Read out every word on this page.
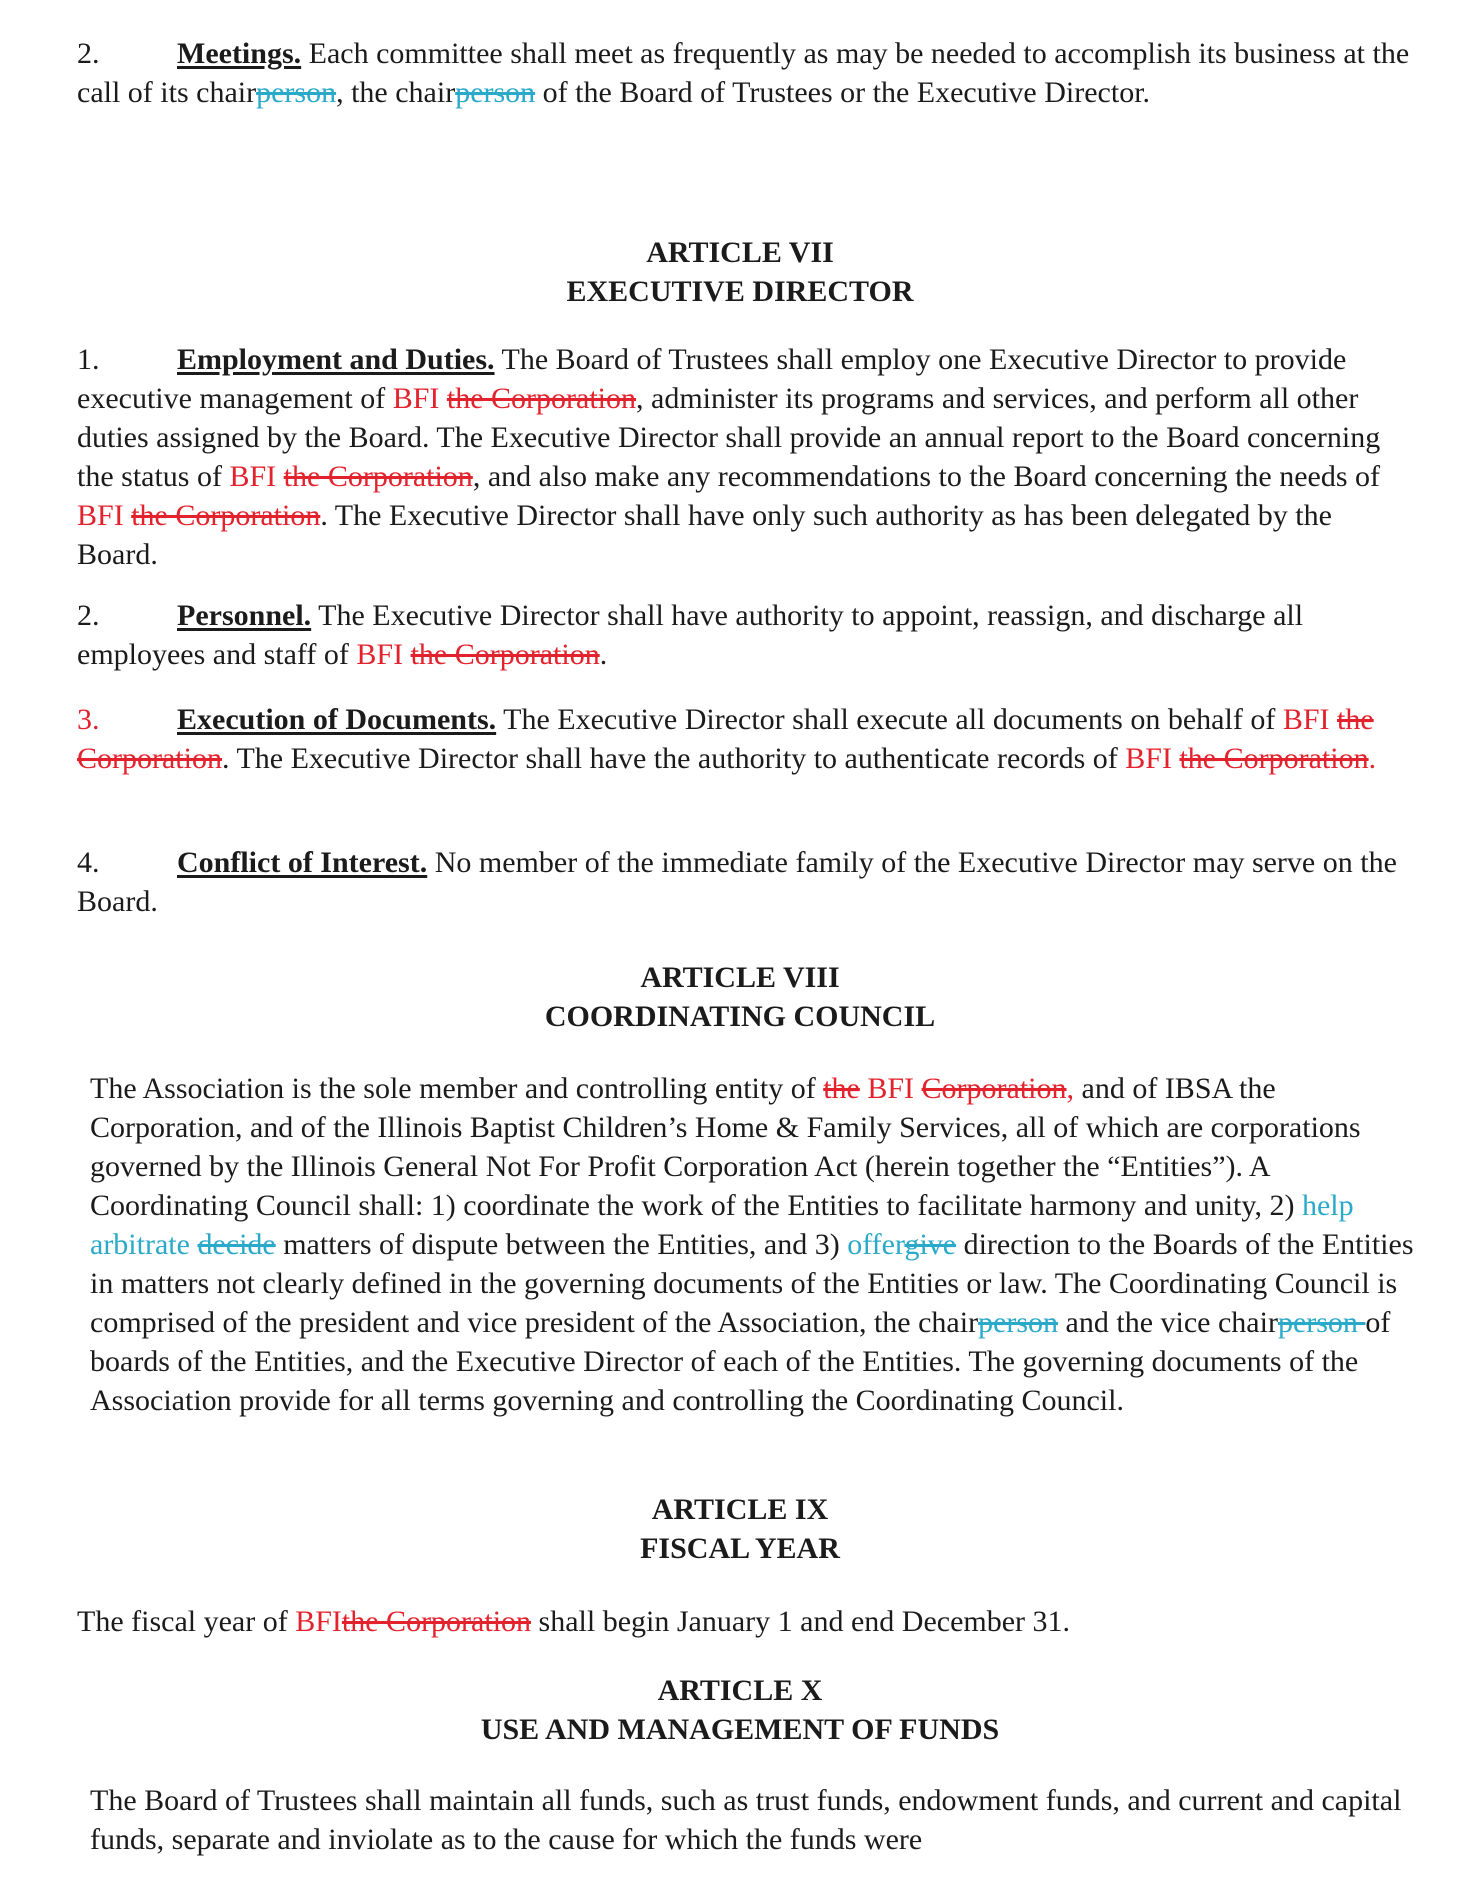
2.	Meetings. Each committee shall meet as frequently as may be needed to accomplish its business at the call of its chairperson, the chairperson of the Board of Trustees or the Executive Director.

ARTICLE VII

EXECUTIVE DIRECTOR

1.	Employment and Duties. The Board of Trustees shall employ one Executive Director to provide executive management of BFI the Corporation, administer its programs and services, and perform all other duties assigned by the Board. The Executive Director shall provide an annual report to the Board concerning the status of BFI the Corporation, and also make any recommendations to the Board concerning the needs of BFI the Corporation. The Executive Director shall have only such authority as has been delegated by the Board.

2.	Personnel. The Executive Director shall have authority to appoint, reassign, and discharge all employees and staff of BFI the Corporation.

3.	Execution of Documents. The Executive Director shall execute all documents on behalf of BFI the Corporation. The Executive Director shall have the authority to authenticate records of BFI the Corporation.

4.	Conflict of Interest. No member of the immediate family of the Executive Director may serve on the Board.

ARTICLE VIII

COORDINATING COUNCIL

The Association is the sole member and controlling entity of the BFI Corporation, and of IBSA the Corporation, and of the Illinois Baptist Children’s Home & Family Services, all of which are corporations governed by the Illinois General Not For Profit Corporation Act (herein together the “Entities”). A Coordinating Council shall: 1) coordinate the work of the Entities to facilitate harmony and unity, 2) help arbitrate decide matters of dispute between the Entities, and 3) offergive direction to the Boards of the Entities in matters not clearly defined in the governing documents of the Entities or law. The Coordinating Council is comprised of the president and vice president of the Association, the chairperson and the vice chairperson of boards of the Entities, and the Executive Director of each of the Entities. The governing documents of the Association provide for all terms governing and controlling the Coordinating Council.

ARTICLE IX

FISCAL YEAR

The fiscal year of BFIthe Corporation shall begin January 1 and end December 31.

ARTICLE X

USE AND MANAGEMENT OF FUNDS

The Board of Trustees shall maintain all funds, such as trust funds, endowment funds, and current and capital funds, separate and inviolate as to the cause for which the funds were
